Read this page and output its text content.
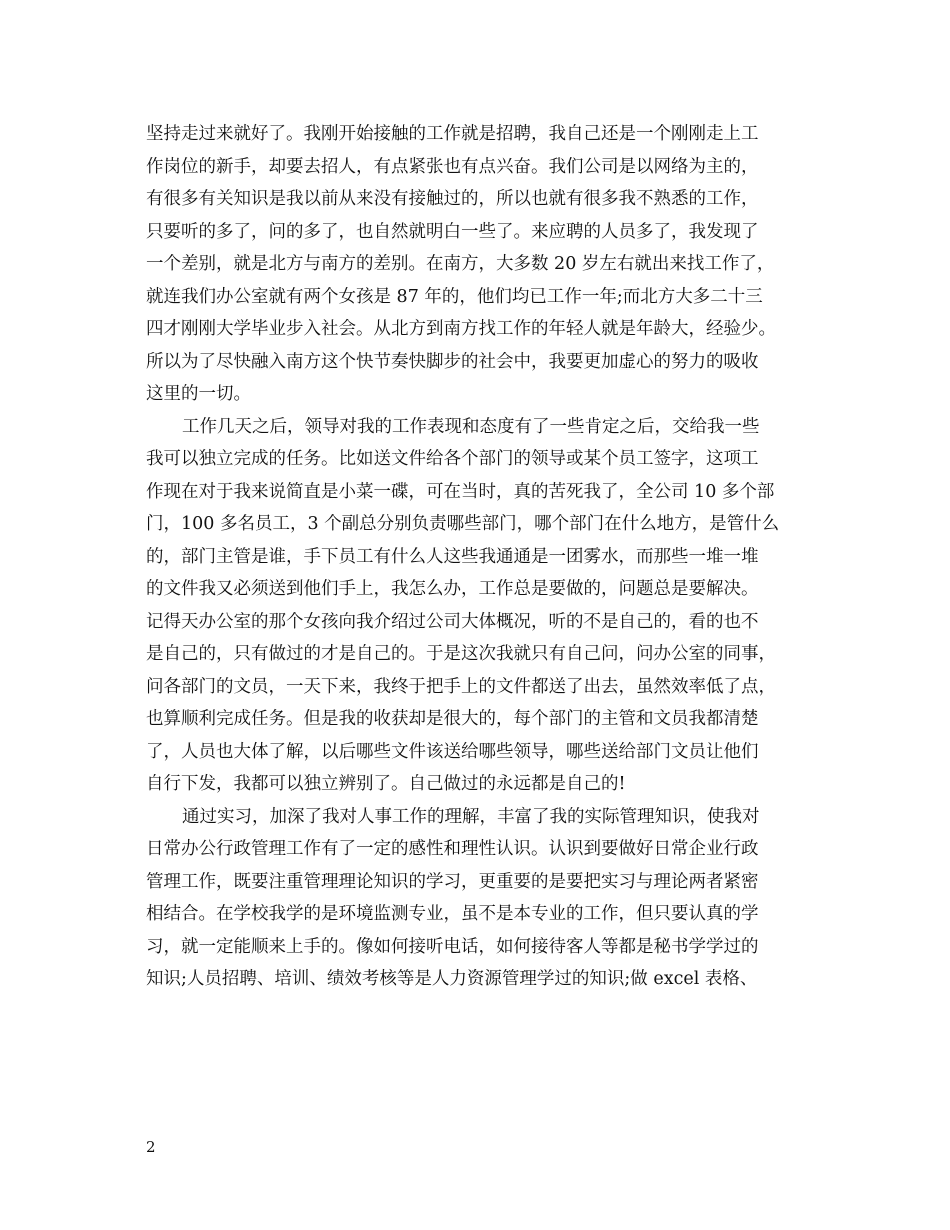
坚持走过来就好了。我刚开始接触的工作就是招聘，我自己还是一个刚刚走上工
作岗位的新手，却要去招人，有点紧张也有点兴奋。我们公司是以网络为主的，
有很多有关知识是我以前从来没有接触过的，所以也就有很多我不熟悉的工作，
只要听的多了，问的多了，也自然就明白一些了。来应聘的人员多了，我发现了
一个差别，就是北方与南方的差别。在南方，大多数 20 岁左右就出来找工作了，
就连我们办公室就有两个女孩是 87 年的，他们均已工作一年;而北方大多二十三
四才刚刚大学毕业步入社会。从北方到南方找工作的年轻人就是年龄大，经验少。
所以为了尽快融入南方这个快节奏快脚步的社会中，我要更加虚心的努力的吸收
这里的一切。
工作几天之后，领导对我的工作表现和态度有了一些肯定之后，交给我一些
我可以独立完成的任务。比如送文件给各个部门的领导或某个员工签字，这项工
作现在对于我来说简直是小菜一碟，可在当时，真的苦死我了，全公司 10 多个部
门，100 多名员工，3 个副总分别负责哪些部门，哪个部门在什么地方，是管什么
的，部门主管是谁，手下员工有什么人这些我通通是一团雾水，而那些一堆一堆
的文件我又必须送到他们手上，我怎么办，工作总是要做的，问题总是要解决。
记得天办公室的那个女孩向我介绍过公司大体概况，听的不是自己的，看的也不
是自己的，只有做过的才是自己的。于是这次我就只有自己问，问办公室的同事，
问各部门的文员，一天下来，我终于把手上的文件都送了出去，虽然效率低了点，
也算顺利完成任务。但是我的收获却是很大的，每个部门的主管和文员我都清楚
了，人员也大体了解，以后哪些文件该送给哪些领导，哪些送给部门文员让他们
自行下发，我都可以独立辨别了。自己做过的永远都是自己的!
通过实习，加深了我对人事工作的理解，丰富了我的实际管理知识，使我对
日常办公行政管理工作有了一定的感性和理性认识。认识到要做好日常企业行政
管理工作，既要注重管理理论知识的学习，更重要的是要把实习与理论两者紧密
相结合。在学校我学的是环境监测专业，虽不是本专业的工作，但只要认真的学
习，就一定能顺来上手的。像如何接听电话，如何接待客人等都是秘书学学过的
知识;人员招聘、培训、绩效考核等是人力资源管理学过的知识;做 excel 表格、
2
